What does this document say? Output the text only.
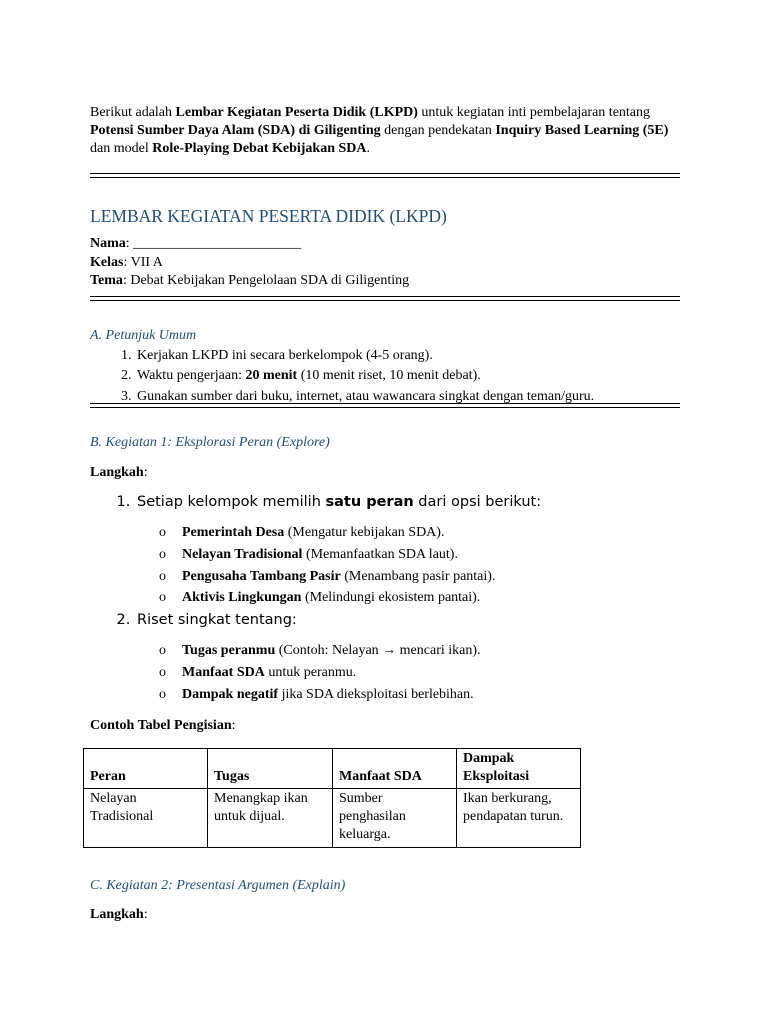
Berikut adalah Lembar Kegiatan Peserta Didik (LKPD) untuk kegiatan inti pembelajaran tentang Potensi Sumber Daya Alam (SDA) di Giligenting dengan pendekatan Inquiry Based Learning (5E) dan model Role-Playing Debat Kebijakan SDA.

LEMBAR KEGIATAN PESERTA DIDIK (LKPD)

Nama: ________________________

Kelas: VII A

Tema: Debat Kebijakan Pengelolaan SDA di Giligenting

A. Petunjuk Umum

1. Kerjakan LKPD ini secara berkelompok (4-5 orang).
2. Waktu pengerjaan: 20 menit (10 menit riset, 10 menit debat).
3. Gunakan sumber dari buku, internet, atau wawancara singkat dengan teman/guru.

B. Kegiatan 1: Eksplorasi Peran (Explore)

Langkah:

1. Setiap kelompok memilih satu peran dari opsi berikut:
o Pemerintah Desa (Mengatur kebijakan SDA).
o Nelayan Tradisional (Memanfaatkan SDA laut).
o Pengusaha Tambang Pasir (Menambang pasir pantai).
o Aktivis Lingkungan (Melindungi ekosistem pantai).
2. Riset singkat tentang:
o Tugas peranmu (Contoh: Nelayan → mencari ikan).
o Manfaat SDA untuk peranmu.
o Dampak negatif jika SDA dieksploitasi berlebihan.

Contoh Tabel Pengisian:

Peran	Tugas	Manfaat SDA	Dampak Eksploitasi
Nelayan Tradisional	Menangkap ikan untuk dijual.	Sumber penghasilan keluarga.	Ikan berkurang, pendapatan turun.

C. Kegiatan 2: Presentasi Argumen (Explain)

Langkah:
